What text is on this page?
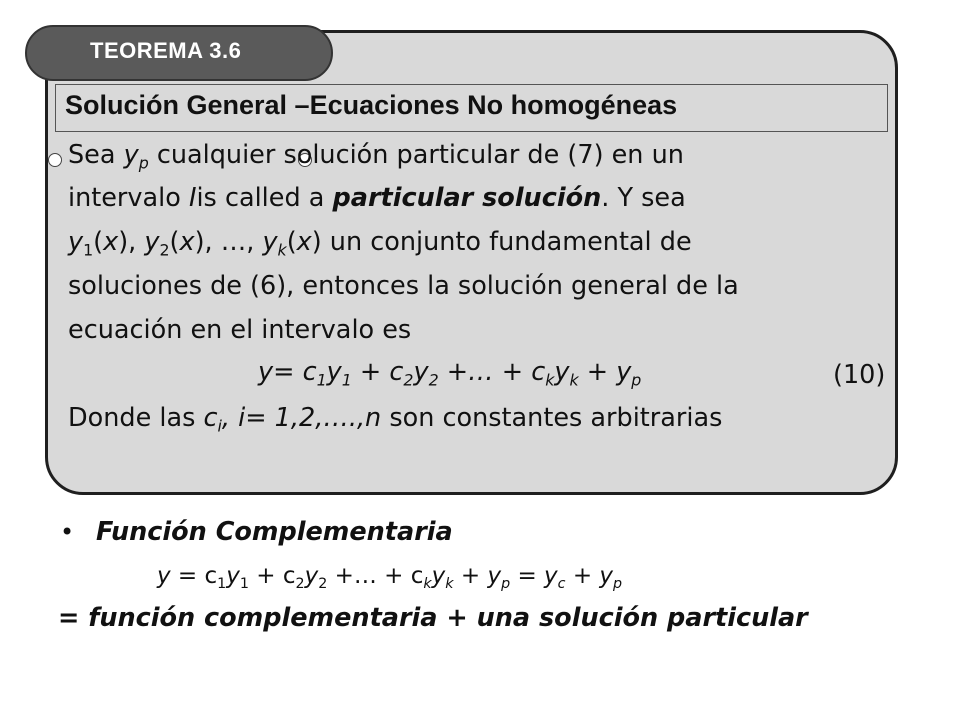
TEOREMA 3.6
Solución General –Ecuaciones No homogéneas
Sea $y_p$ cualquier solución particular de (7) en un
intervalo Iis called a particular solución. Y sea
$y_1(x)$, $y_2(x)$, …, $y_k(x)$ un conjunto fundamental de
soluciones de (6), entonces la solución general de la
ecuación en el intervalo es
$y= c_1y_1 + c_2y_2$ +… + $c_ky_k + y_p$	(10)
Donde las $c_i$, i= 1,2,….,n son constantes arbitrarias
• Función Complementaria
$y = c_1y_1 + c_2y_2$ +… + $c_ky_k + y_p = y_c + y_p$
= función complementaria + una solución particular
